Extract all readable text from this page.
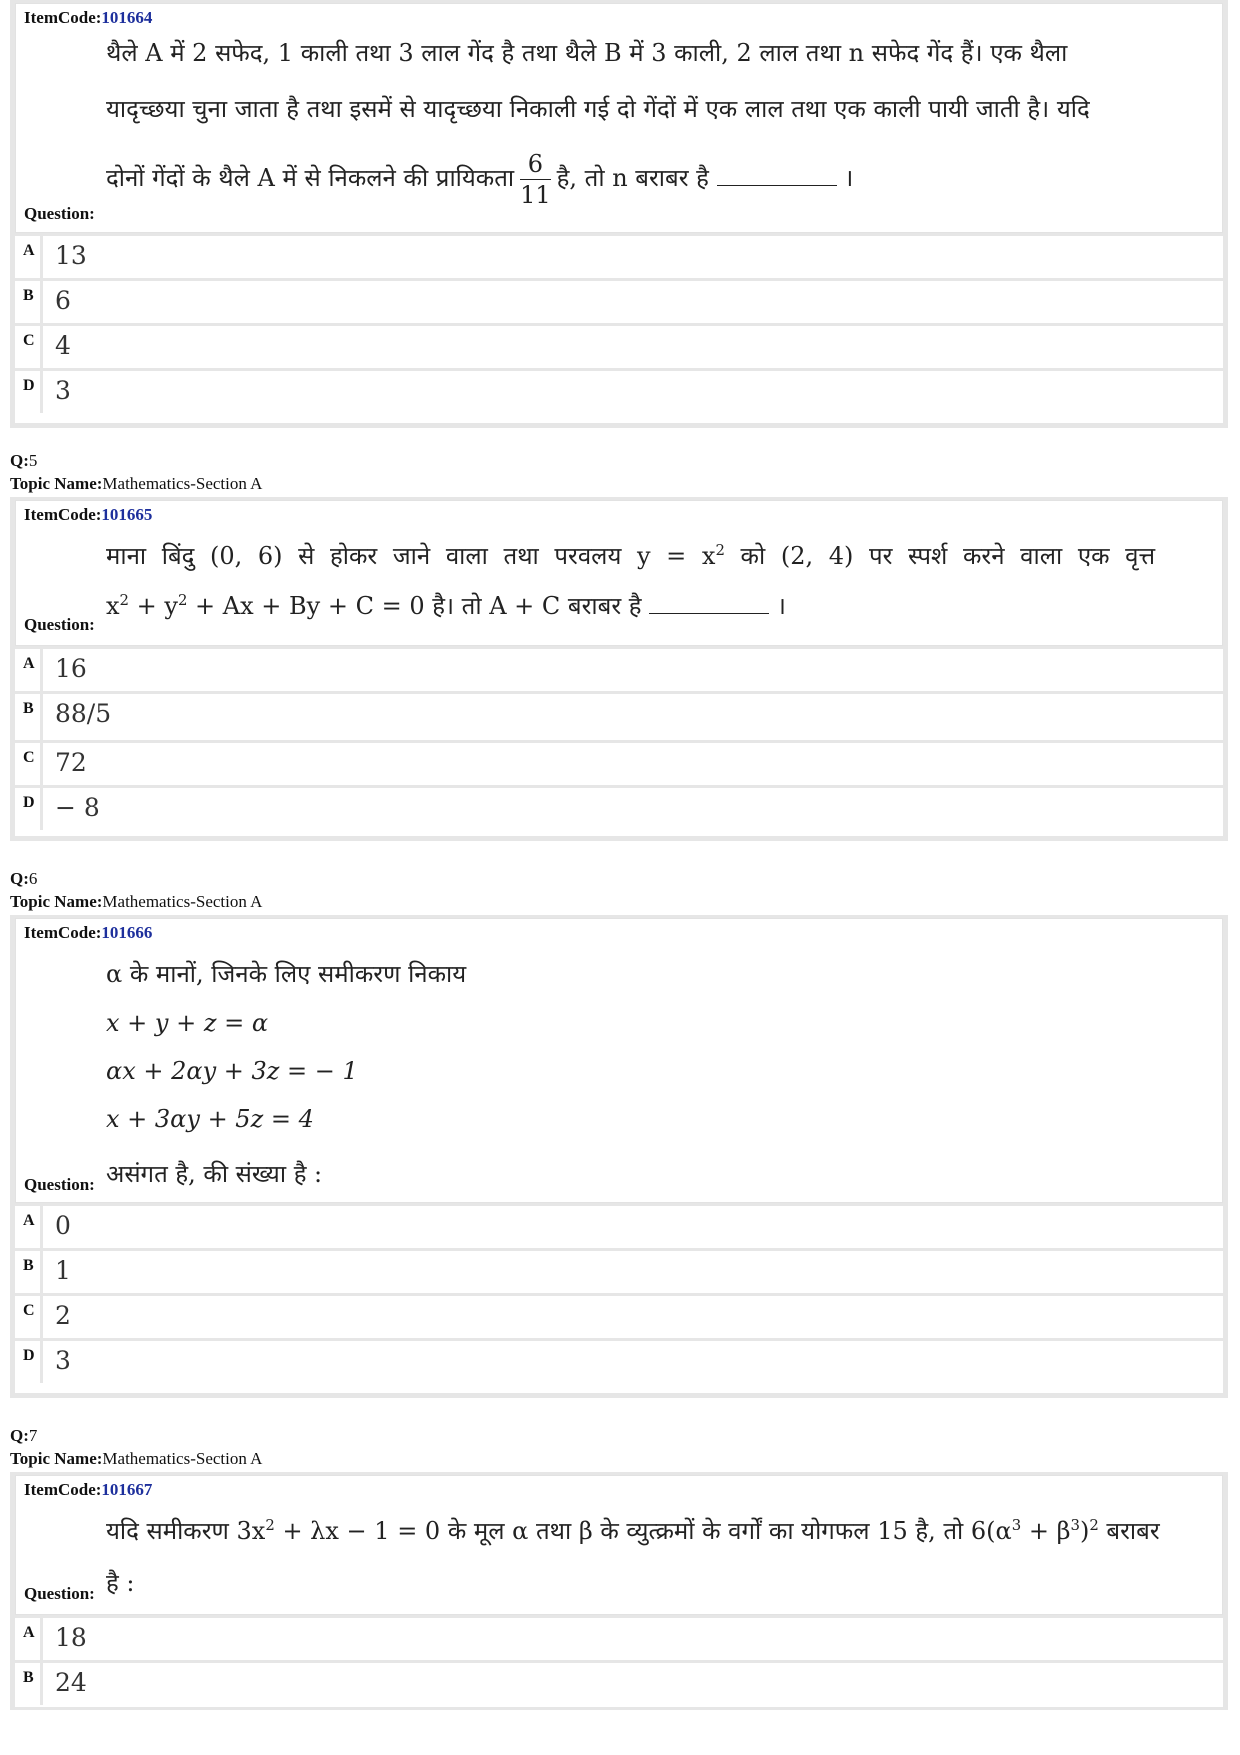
ItemCode:101664
थैले A में 2 सफेद, 1 काली तथा 3 लाल गेंद है तथा थैले B में 3 काली, 2 लाल तथा n सफेद गेंद हैं। एक थैला
यादृच्छया चुना जाता है तथा इसमें से यादृच्छया निकाली गई दो गेंदों में एक लाल तथा एक काली पायी जाती है। यदि
दोनों गेंदों के थैले A में से निकलने की प्रायिकता $\frac{6}{11}$ है, तो n बराबर है	।
Question:
A 13
B 6
C 4
D 3
Q:5
Topic Name:Mathematics-Section A
ItemCode:101665
माना बिंदु (0, 6) से होकर जाने वाला तथा परवलय $y = x^2$ को (2, 4) पर स्पर्श करने वाला एक वृत्त
$x^2 + y^2 + Ax + By + C = 0$ है। तो A + C बराबर है	।
Question:
A 16
B 88/5
C 72
D − 8
Q:6
Topic Name:Mathematics-Section A
ItemCode:101666
α के मानों, जिनके लिए समीकरण निकाय
x + y + z = α
αx + 2αy + 3z = − 1
x + 3αy + 5z = 4
असंगत है, की संख्या है :
Question:
A 0
B 1
C 2
D 3
Q:7
Topic Name:Mathematics-Section A
ItemCode:101667
यदि समीकरण $3x^2 + \lambda x - 1 = 0$ के मूल α तथा β के व्युत्क्रमों के वर्गों का योगफल 15 है, तो $6(\alpha^3 + \beta^3)^2$ बराबर
है :
Question:
A 18
B 24
